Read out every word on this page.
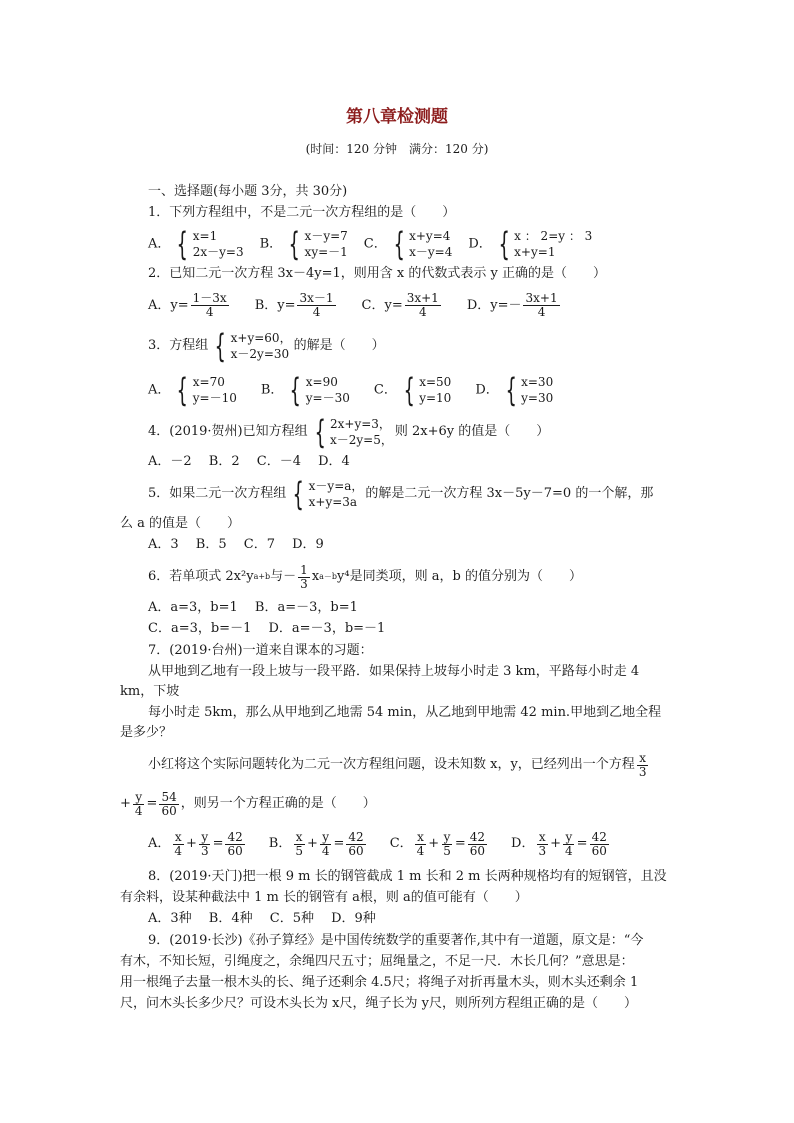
第八章检测题
(时间：120 分钟　满分：120 分)
一、选择题(每小题 3分，共 30分)
1．下列方程组中，不是二元一次方程组的是（　　）
A． { x=1
2x－y=3
B． { x－y=7
xy=－1
C． { x+y=4
x－y=4
D． { x ： 2=y ： 3
x+y=1
2．已知二元一次方程 3x－4y=1，则用含 x 的代数式表示 y 正确的是（　　）
A．$y= \frac{1-3x}{4}$ B．$y= \frac{3x-1}{4}$ C．$y= \frac{3x+1}{4}$ D．$y=- \frac{3x+1}{4}$
3．方程组 { x+y=60，
x－2y=30
的解是（　　）
A． { x=70
y=－10
B． { x=90
y=－30
C． { x=50
y=10
D． { x=30
y=30
4．(2019·贺州)已知方程组 { 2x+y=3，
x－2y=5，
则 2x+6y 的值是（　　）
A．－2　 B．2　 C．－4　 D．4
5．如果二元一次方程组 { x－y=a，
x+y=3a
的解是二元一次方程 3x－5y－7=0 的一个解，那
么 a 的值是（　　）
A．3　 B．5　 C．7　 D．9
6．若单项式 2x²y a+b 与－ $\frac{1}{3}$ x a－b y⁴ 是同类项，则 a，b 的值分别为（　　）
A．a=3，b=1　 B．a=－3，b=1
C．a=3，b=－1　 D．a=－3，b=－1
7．(2019·台州)一道来自课本的习题：
从甲地到乙地有一段上坡与一段平路．如果保持上坡每小时走 3 km，平路每小时走 4
km，下坡
每小时走 5km，那么从甲地到乙地需 54 min，从乙地到甲地需 42 min.甲地到乙地全程
是多少？
小红将这个实际问题转化为二元一次方程组问题，设未知数 x，y，已经列出一个方程 $\frac{x}{3}$
+ $\frac{y}{4} = \frac{54}{60}$ ，则另一个方程正确的是（　　）
A． $\frac{x}{4} + \frac{y}{3} = \frac{42}{60}$ B． $\frac{x}{5} + \frac{y}{4} = \frac{42}{60}$ C． $\frac{x}{4} + \frac{y}{5} = \frac{42}{60}$ D． $\frac{x}{3} + \frac{y}{4} = \frac{42}{60}$
8．(2019·天门)把一根 9 m 长的钢管截成 1 m 长和 2 m 长两种规格均有的短钢管，且没
有余料，设某种截法中 1 m 长的钢管有 a根，则 a的值可能有（　　）
A．3种　 B．4种　 C．5种　 D．9种
9．(2019·长沙)《孙子算经》是中国传统数学的重要著作,其中有一道题，原文是：“今
有木，不知长短，引绳度之，余绳四尺五寸；屈绳量之，不足一尺．木长几何？”意思是：
用一根绳子去量一根木头的长、绳子还剩余 4.5尺；将绳子对折再量木头，则木头还剩余 1
尺，问木头长多少尺？可设木头长为 x尺，绳子长为 y尺，则所列方程组正确的是（　　）
